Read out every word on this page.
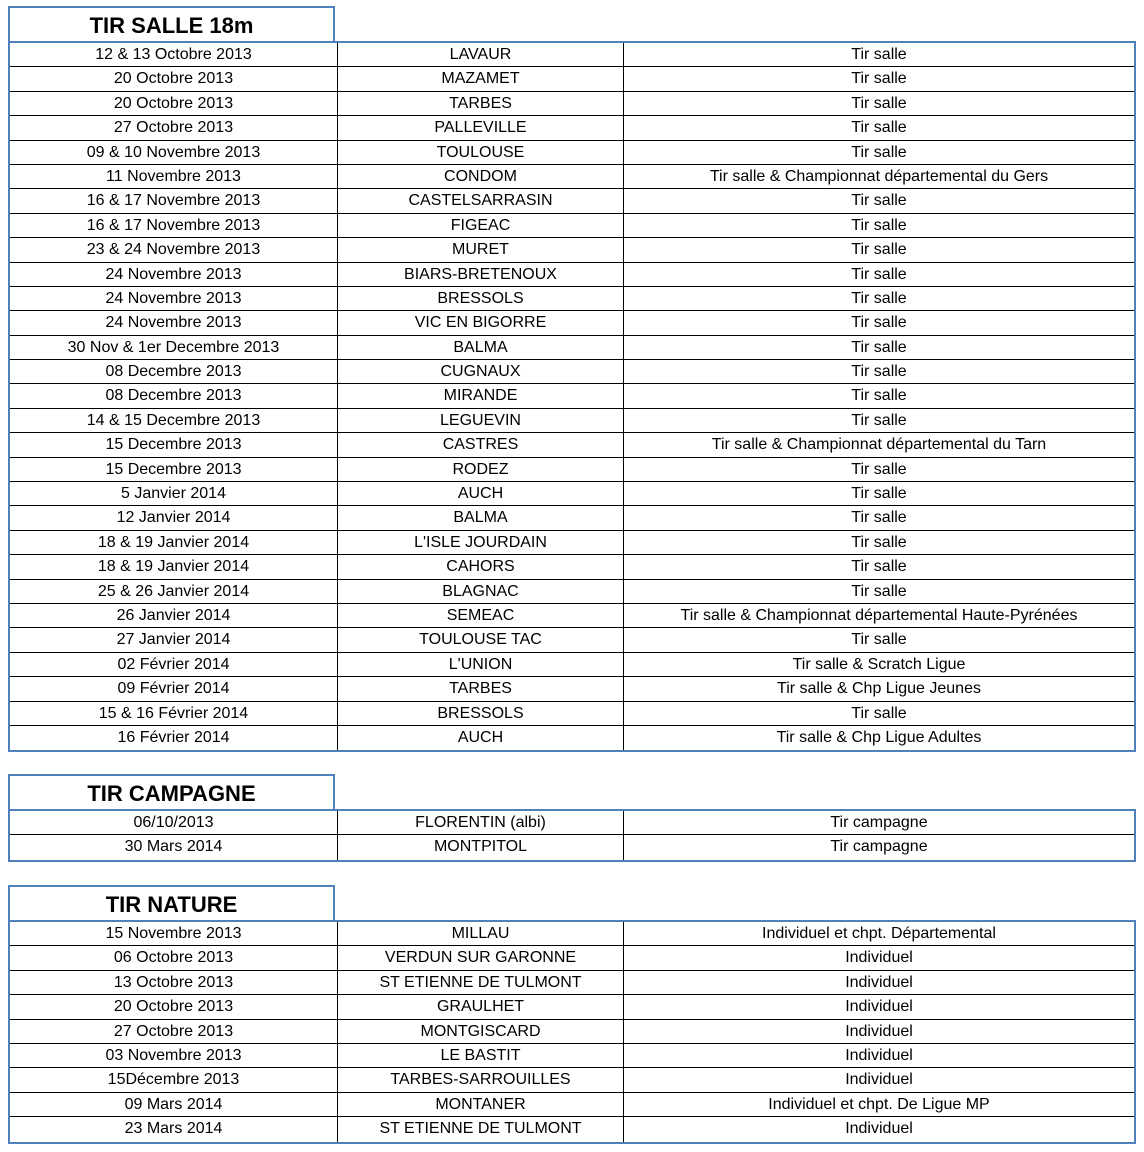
TIR SALLE 18m
12 & 13 Octobre 2013	LAVAUR	Tir salle
20 Octobre 2013	MAZAMET	Tir salle
20 Octobre 2013	TARBES	Tir salle
27 Octobre 2013	PALLEVILLE	Tir salle
09 & 10 Novembre 2013	TOULOUSE	Tir salle
11 Novembre 2013	CONDOM	Tir salle & Championnat départemental du Gers
16 & 17 Novembre 2013	CASTELSARRASIN	Tir salle
16 & 17 Novembre 2013	FIGEAC	Tir salle
23 & 24 Novembre 2013	MURET	Tir salle
24 Novembre 2013	BIARS-BRETENOUX	Tir salle
24 Novembre 2013	BRESSOLS	Tir salle
24 Novembre 2013	VIC EN BIGORRE	Tir salle
30 Nov & 1er Decembre 2013	BALMA	Tir salle
08 Decembre 2013	CUGNAUX	Tir salle
08 Decembre 2013	MIRANDE	Tir salle
14 & 15 Decembre 2013	LEGUEVIN	Tir salle
15 Decembre 2013	CASTRES	Tir salle & Championnat départemental du Tarn
15 Decembre 2013	RODEZ	Tir salle
5 Janvier 2014	AUCH	Tir salle
12 Janvier 2014	BALMA	Tir salle
18 & 19 Janvier 2014	L'ISLE JOURDAIN	Tir salle
18 & 19 Janvier 2014	CAHORS	Tir salle
25 & 26 Janvier 2014	BLAGNAC	Tir salle
26 Janvier 2014	SEMEAC	Tir salle & Championnat départemental Haute-Pyrénées
27 Janvier 2014	TOULOUSE TAC	Tir salle
02 Février 2014	L'UNION	Tir salle & Scratch Ligue
09 Février 2014	TARBES	Tir salle & Chp Ligue Jeunes
15 & 16 Février 2014	BRESSOLS	Tir salle
16 Février 2014	AUCH	Tir salle & Chp Ligue Adultes
TIR CAMPAGNE
06/10/2013	FLORENTIN (albi)	Tir campagne
30 Mars 2014	MONTPITOL	Tir campagne
TIR NATURE
15 Novembre 2013	MILLAU	Individuel et chpt. Départemental
06 Octobre 2013	VERDUN SUR GARONNE	Individuel
13 Octobre 2013	ST ETIENNE DE TULMONT	Individuel
20 Octobre 2013	GRAULHET	Individuel
27 Octobre 2013	MONTGISCARD	Individuel
03 Novembre 2013	LE BASTIT	Individuel
15Décembre 2013	TARBES-SARROUILLES	Individuel
09 Mars 2014	MONTANER	Individuel et chpt. De Ligue MP
23 Mars 2014	ST ETIENNE DE TULMONT	Individuel
